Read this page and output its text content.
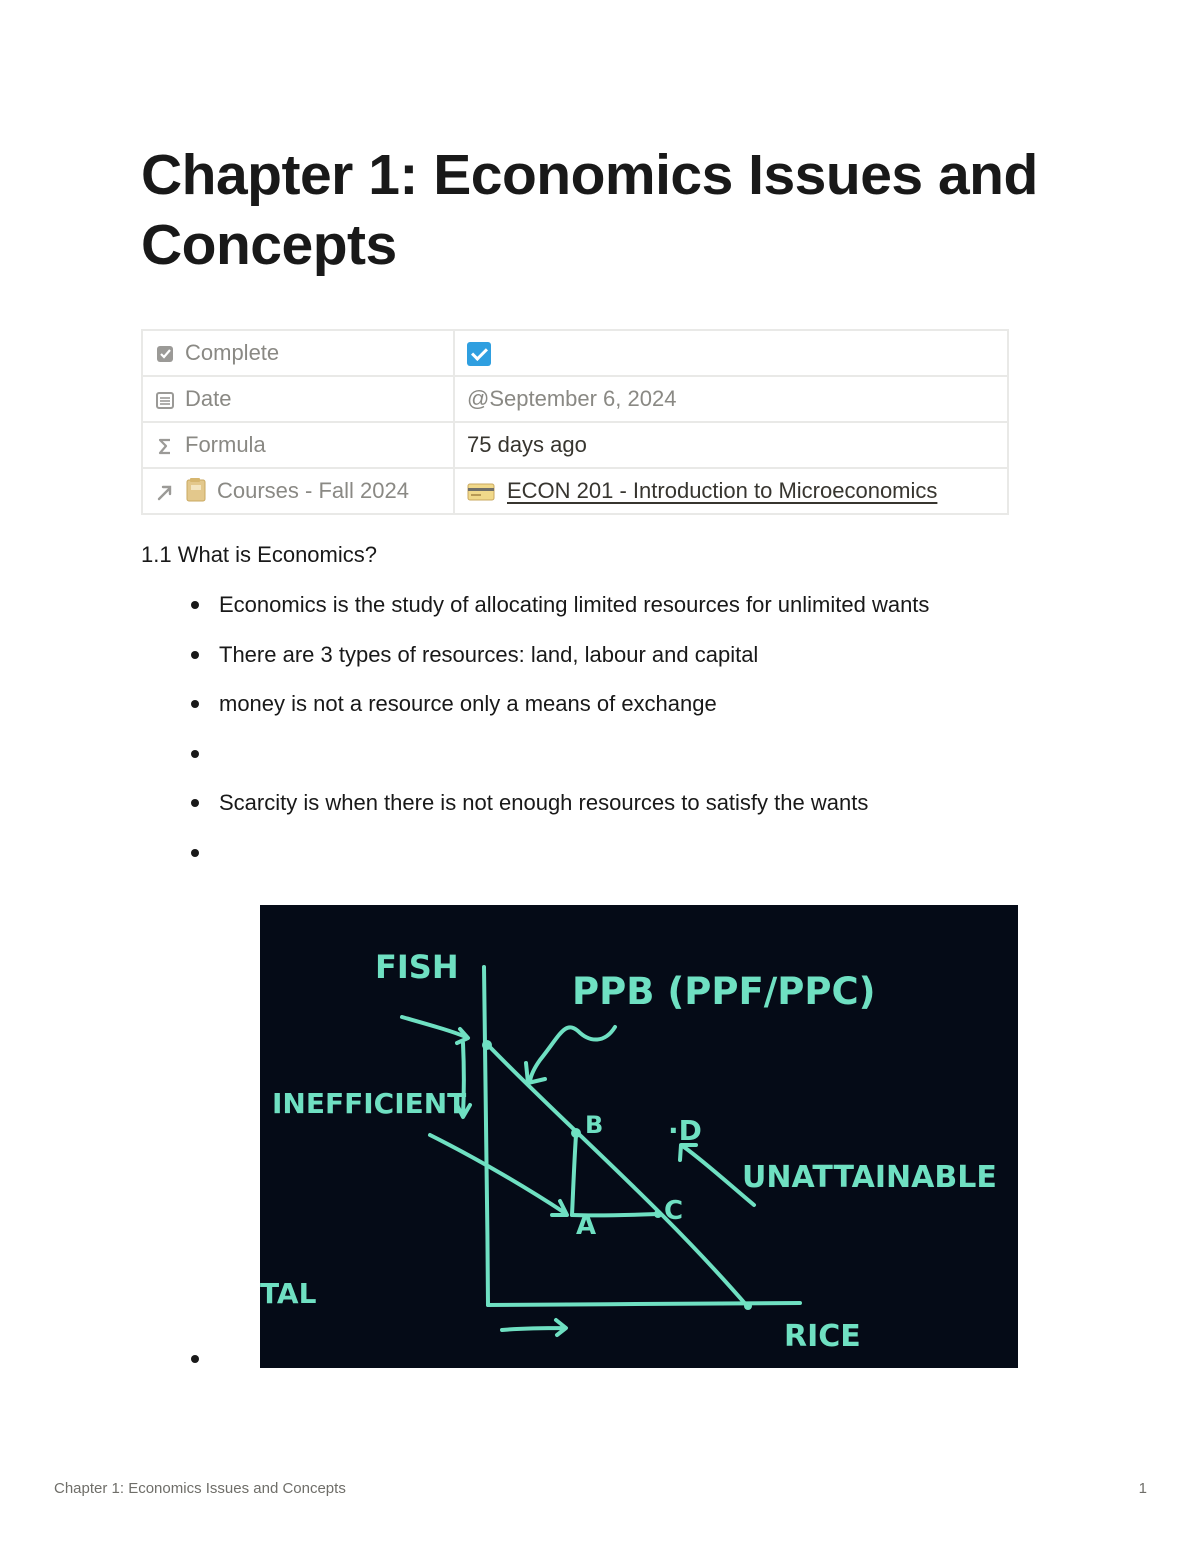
Chapter 1: Economics Issues and Concepts
Complete	
Date	@September 6, 2024
Formula	75 days ago
Courses - Fall 2024	ECON 201 - Introduction to Microeconomics
1.1 What is Economics?
Economics is the study of allocating limited resources for unlimited wants
There are 3 types of resources: land, labour and capital
money is not a resource only a means of exchange
Scarcity is when there is not enough resources to satisfy the wants
FISH
PPB (PPF/PPC)
INEFFICIENT
B ·D
UNATTAINABLE
A	C
TAL
RICE
Chapter 1: Economics Issues and Concepts	1
